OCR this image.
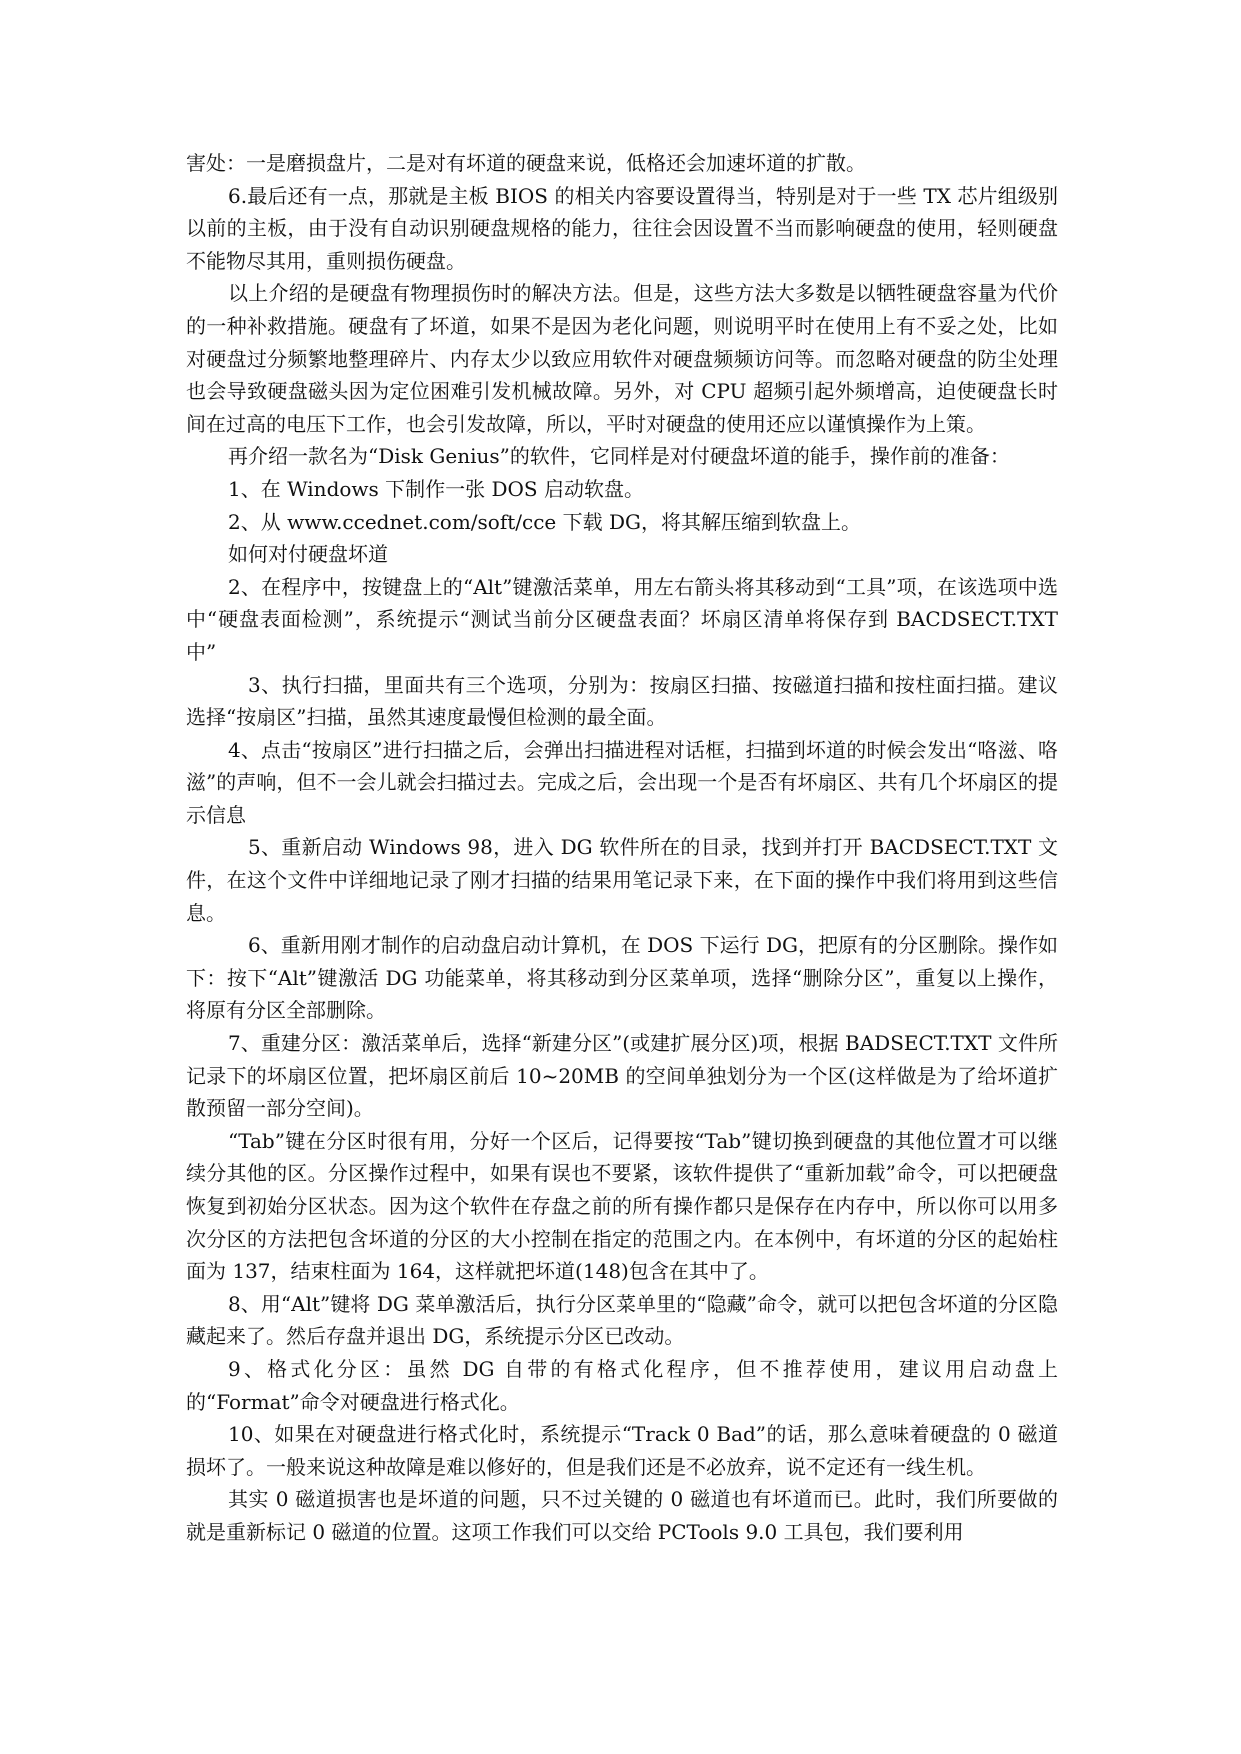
害处：一是磨损盘片，二是对有坏道的硬盘来说，低格还会加速坏道的扩散。

6.最后还有一点，那就是主板 BIOS 的相关内容要设置得当，特别是对于一些 TX 芯片组级别以前的主板，由于没有自动识别硬盘规格的能力，往往会因设置不当而影响硬盘的使用，轻则硬盘不能物尽其用，重则损伤硬盘。

以上介绍的是硬盘有物理损伤时的解决方法。但是，这些方法大多数是以牺牲硬盘容量为代价的一种补救措施。硬盘有了坏道，如果不是因为老化问题，则说明平时在使用上有不妥之处，比如对硬盘过分频繁地整理碎片、内存太少以致应用软件对硬盘频频访问等。而忽略对硬盘的防尘处理也会导致硬盘磁头因为定位困难引发机械故障。另外，对 CPU 超频引起外频增高，迫使硬盘长时间在过高的电压下工作，也会引发故障，所以，平时对硬盘的使用还应以谨慎操作为上策。

再介绍一款名为“Disk Genius”的软件，它同样是对付硬盘坏道的能手，操作前的准备：

1、在 Windows 下制作一张 DOS 启动软盘。

2、从 www.ccednet.com/soft/cce 下载 DG，将其解压缩到软盘上。

如何对付硬盘坏道

2、在程序中，按键盘上的“Alt”键激活菜单，用左右箭头将其移动到“工具”项，在该选项中选中“硬盘表面检测”，系统提示“测试当前分区硬盘表面？坏扇区清单将保存到 BACDSECT.TXT 中”

3、执行扫描，里面共有三个选项，分别为：按扇区扫描、按磁道扫描和按柱面扫描。建议选择“按扇区”扫描，虽然其速度最慢但检测的最全面。

4、点击“按扇区”进行扫描之后，会弹出扫描进程对话框，扫描到坏道的时候会发出“咯滋、咯滋”的声响，但不一会儿就会扫描过去。完成之后，会出现一个是否有坏扇区、共有几个坏扇区的提示信息

5、重新启动 Windows 98，进入 DG 软件所在的目录，找到并打开 BACDSECT.TXT 文件，在这个文件中详细地记录了刚才扫描的结果用笔记录下来，在下面的操作中我们将用到这些信息。

6、重新用刚才制作的启动盘启动计算机，在 DOS 下运行 DG，把原有的分区删除。操作如下：按下“Alt”键激活 DG 功能菜单，将其移动到分区菜单项，选择“删除分区”，重复以上操作，将原有分区全部删除。

7、重建分区：激活菜单后，选择“新建分区”(或建扩展分区)项，根据 BADSECT.TXT 文件所记录下的坏扇区位置，把坏扇区前后 10~20MB 的空间单独划分为一个区(这样做是为了给坏道扩散预留一部分空间)。

“Tab”键在分区时很有用，分好一个区后，记得要按“Tab”键切换到硬盘的其他位置才可以继续分其他的区。分区操作过程中，如果有误也不要紧，该软件提供了“重新加载”命令，可以把硬盘恢复到初始分区状态。因为这个软件在存盘之前的所有操作都只是保存在内存中，所以你可以用多次分区的方法把包含坏道的分区的大小控制在指定的范围之内。在本例中，有坏道的分区的起始柱面为 137，结束柱面为 164，这样就把坏道(148)包含在其中了。

8、用“Alt”键将 DG 菜单激活后，执行分区菜单里的“隐藏”命令，就可以把包含坏道的分区隐藏起来了。然后存盘并退出 DG，系统提示分区已改动。

9、格式化分区：虽然 DG 自带的有格式化程序，但不推荐使用，建议用启动盘上的“Format”命令对硬盘进行格式化。

10、如果在对硬盘进行格式化时，系统提示“Track 0 Bad”的话，那么意味着硬盘的 0 磁道损坏了。一般来说这种故障是难以修好的，但是我们还是不必放弃，说不定还有一线生机。

其实 0 磁道损害也是坏道的问题，只不过关键的 0 磁道也有坏道而已。此时，我们所要做的就是重新标记 0 磁道的位置。这项工作我们可以交给 PCTools 9.0 工具包，我们要利用
